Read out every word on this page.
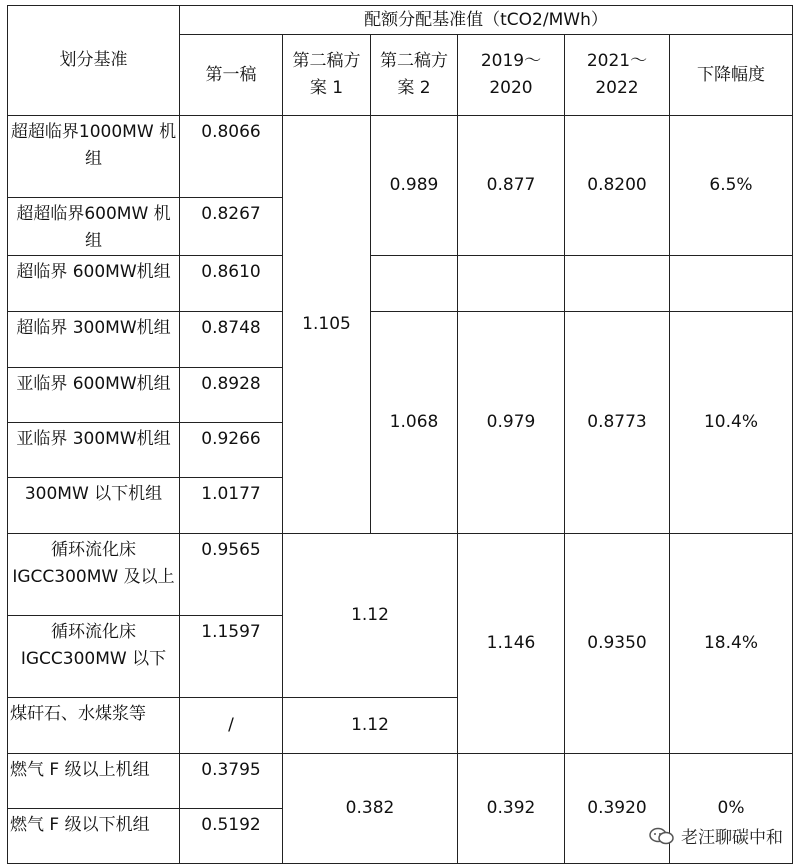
划分基准	配额分配基准值（tCO2/MWh）					
	第一稿	第二稿方案 1	第二稿方案 2	2019～2020	2021～2022	下降幅度
超超临界1000MW 机组	0.8066	1.105	0.989	0.877	0.8200	6.5%
超超临界600MW 机组	0.8267					
超临界 600MW机组	0.8610					
超临界 300MW机组	0.8748		1.068	0.979	0.8773	10.4%
亚临界 600MW机组	0.8928					
亚临界 300MW机组	0.9266					
300MW 以下机组	1.0177					
循环流化床IGCC300MW 及以上	0.9565	1.12		1.146	0.9350	18.4%
循环流化床IGCC300MW 以下	1.1597					
煤矸石、水煤浆等	/	1.12				
燃气 F 级以上机组	0.3795	0.382		0.392	0.3920	0%
燃气 F 级以下机组	0.5192					
老汪聊碳中和
